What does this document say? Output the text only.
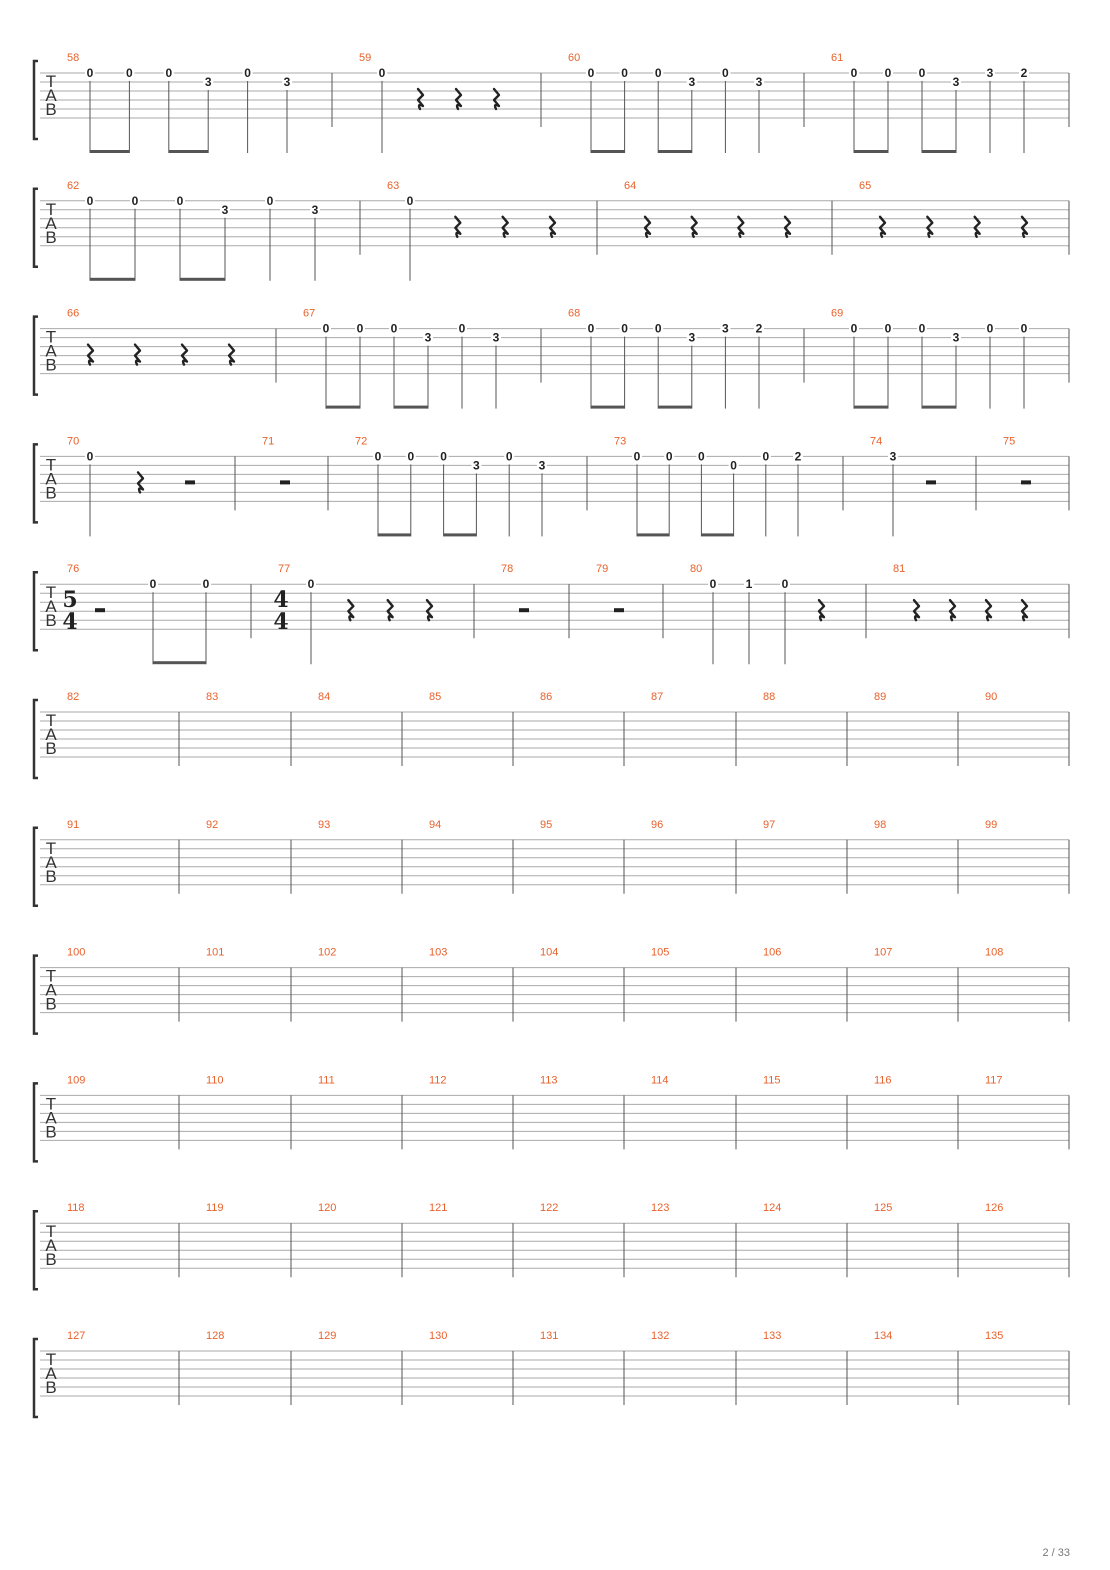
T
A
B
58
0	0	0
3
0
3
59
0
60
0 0 0
3
0
3
61
0 0 0
3
3 2
T
A
B
62
0	0	0
3
0
3
63
0
64	65
T
A
B
66	67
0 0 0
3
0
3
68
0 0 0
3
3 2
69
0 0 0
3
0 0
T
A
B
70
0
71	72
0 0 0
3
0
3
73
0 0 0
0
0 2
74
3
75
T
A
B
76
5
4
0	0
77
4
4
0
78	79	80
0 1 0
81
T
A
B
82	83	84	85	86	87	88	89	90
T
A
B
91	92	93	94	95	96	97	98	99
T
A
B
100	101	102	103	104	105	106	107	108
T
A
B
109	110	111	112	113	114	115	116	117
T
A
B
118	119	120	121	122	123	124	125	126
T
A
B
127	128	129	130	131	132	133	134	135
2 / 33
